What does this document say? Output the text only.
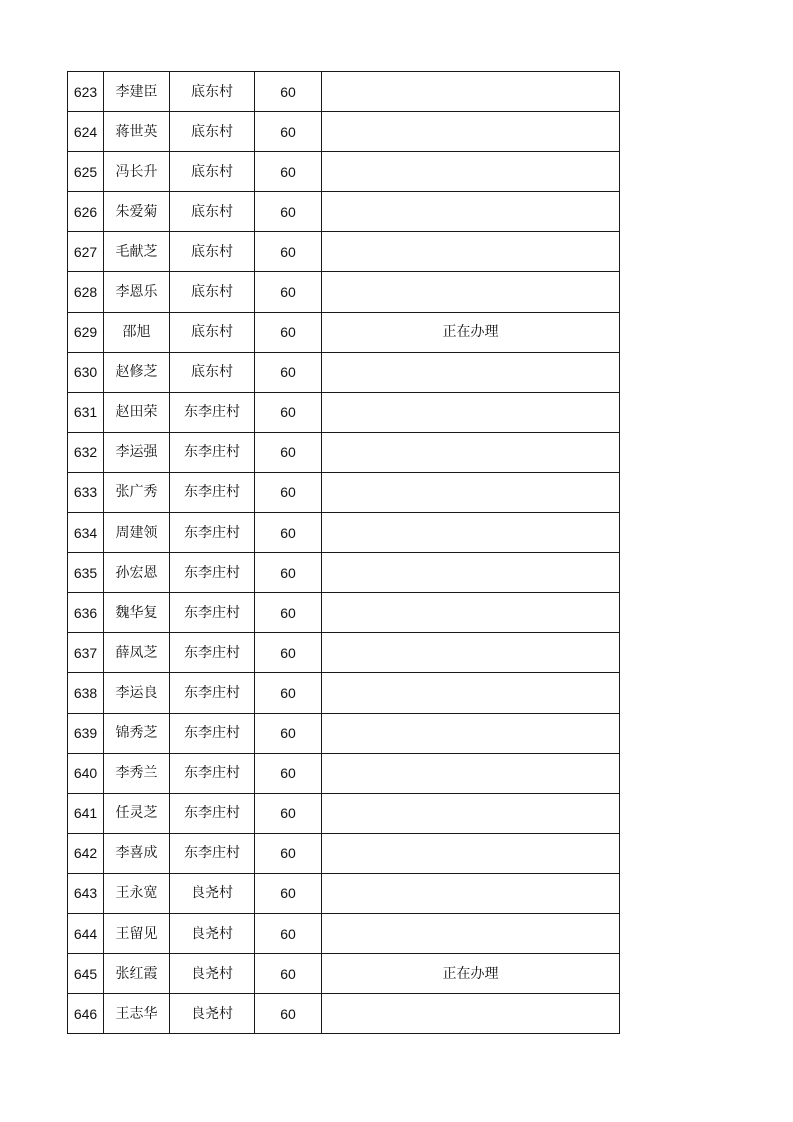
623	李建臣	底东村	60	
624	蒋世英	底东村	60	
625	冯长升	底东村	60	
626	朱爱菊	底东村	60	
627	毛献芝	底东村	60	
628	李恩乐	底东村	60	
629	邵旭	底东村	60	正在办理
630	赵修芝	底东村	60	
631	赵田荣	东李庄村	60	
632	李运强	东李庄村	60	
633	张广秀	东李庄村	60	
634	周建领	东李庄村	60	
635	孙宏恩	东李庄村	60	
636	魏华复	东李庄村	60	
637	薛凤芝	东李庄村	60	
638	李运良	东李庄村	60	
639	锦秀芝	东李庄村	60	
640	李秀兰	东李庄村	60	
641	任灵芝	东李庄村	60	
642	李喜成	东李庄村	60	
643	王永宽	良尧村	60	
644	王留见	良尧村	60	
645	张红霞	良尧村	60	正在办理
646	王志华	良尧村	60	
